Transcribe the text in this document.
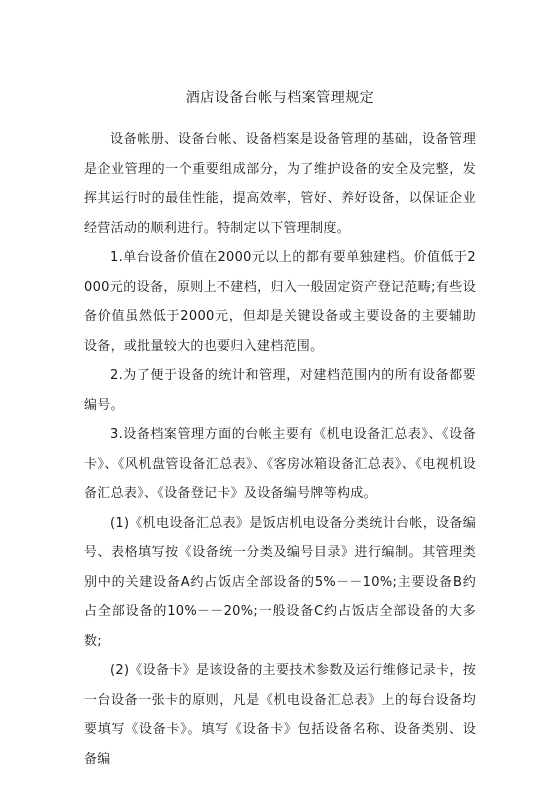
酒店设备台帐与档案管理规定

设备帐册、设备台帐、设备档案是设备管理的基础，设备管理是企业管理的一个重要组成部分，为了维护设备的安全及完整，发挥其运行时的最佳性能，提高效率，管好、养好设备，以保证企业经营活动的顺利进行。特制定以下管理制度。

1.单台设备价值在2000元以上的都有要单独建档。价值低于2000元的设备，原则上不建档，归入一般固定资产登记范畴;有些设备价值虽然低于2000元，但却是关键设备或主要设备的主要辅助设备，或批量较大的也要归入建档范围。

2.为了便于设备的统计和管理，对建档范围内的所有设备都要编号。

3.设备档案管理方面的台帐主要有《机电设备汇总表》、《设备卡》、《风机盘管设备汇总表》、《客房冰箱设备汇总表》、《电视机设备汇总表》、《设备登记卡》及设备编号牌等构成。

(1)《机电设备汇总表》是饭店机电设备分类统计台帐，设备编号、表格填写按《设备统一分类及编号目录》进行编制。其管理类别中的关建设备A约占饭店全部设备的5%－－10%;主要设备B约占全部设备的10%－－20%;一般设备C约占饭店全部设备的大多数;

(2)《设备卡》是该设备的主要技术参数及运行维修记录卡，按一台设备一张卡的原则，凡是《机电设备汇总表》上的每台设备均要填写《设备卡》。填写《设备卡》包括设备名称、设备类别、设备编
